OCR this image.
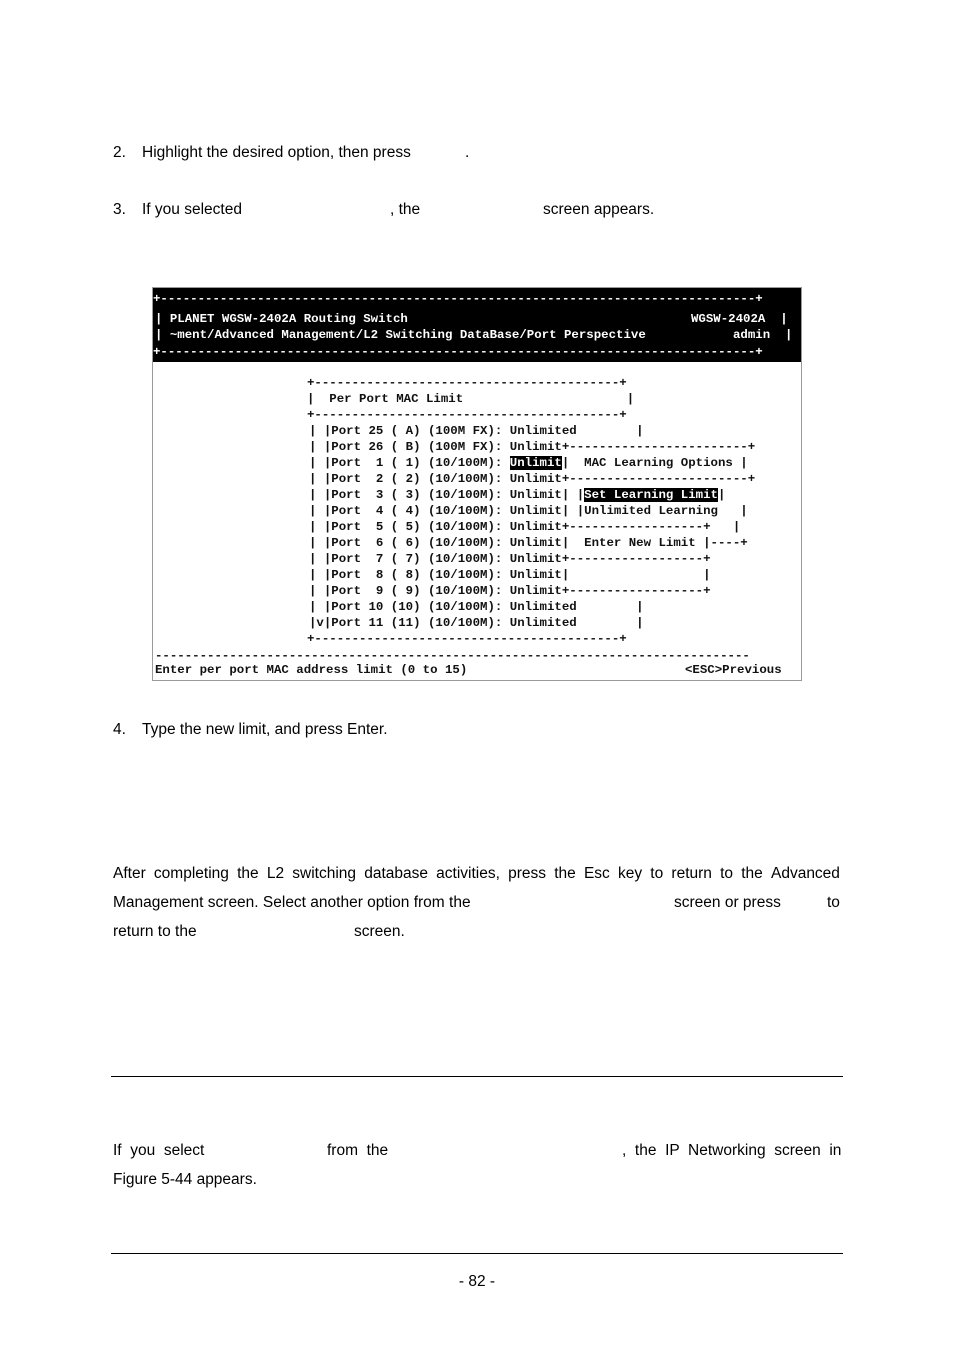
2. Highlight the desired option, then press	.
3. If you selected	, the	screen appears.
+--------------------------------------------------------------------------------+
| PLANET WGSW-2402A Routing Switch	WGSW-2402A  |
| ~ment/Advanced Management/L2 Switching DataBase/Port Perspective	admin  |
+--------------------------------------------------------------------------------+
+-----------------------------------------+
|  Per Port MAC Limit                      |
+-----------------------------------------+
| |Port 25 ( A) (100M FX): Unlimited        |
| |Port 26 ( B) (100M FX): Unlimit+------------------------+
| |Port  1 ( 1) (10/100M): Unlimit|  MAC Learning Options |
| |Port  2 ( 2) (10/100M): Unlimit+------------------------+
| |Port  3 ( 3) (10/100M): Unlimit| |Set Learning Limit|
| |Port  4 ( 4) (10/100M): Unlimit| |Unlimited Learning   |
| |Port  5 ( 5) (10/100M): Unlimit+------------------+   |
| |Port  6 ( 6) (10/100M): Unlimit|  Enter New Limit |----+
| |Port  7 ( 7) (10/100M): Unlimit+------------------+
| |Port  8 ( 8) (10/100M): Unlimit|                  |
| |Port  9 ( 9) (10/100M): Unlimit+------------------+
| |Port 10 (10) (10/100M): Unlimited        |
|v|Port 11 (11) (10/100M): Unlimited        |
+-----------------------------------------+
--------------------------------------------------------------------------------
Enter per port MAC address limit (0 to 15)	<ESC>Previous
4. Type the new limit, and press Enter.
After completing the L2 switching database activities, press the Esc key to return to the Advanced
Management screen. Select another option from the	screen or press	to
return to the	screen.
If  you  select	from  the	,  the  IP  Networking  screen  in
Figure 5-44 appears.
- 82 -
